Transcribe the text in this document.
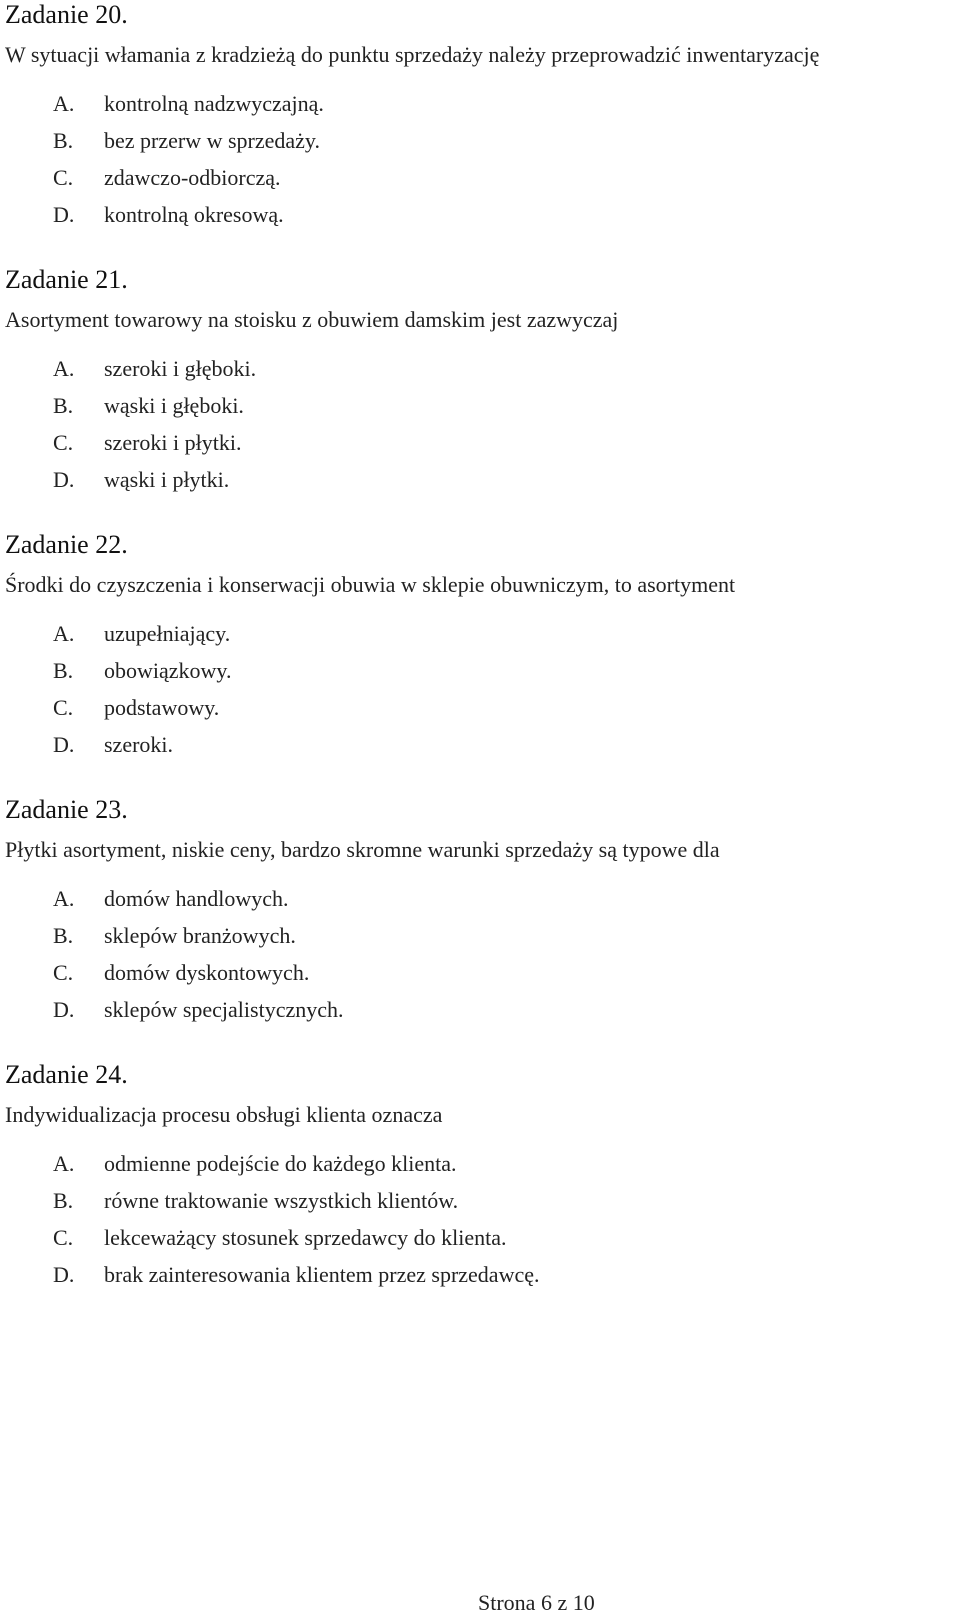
Zadanie 20.

W sytuacji włamania z kradzieżą do punktu sprzedaży należy przeprowadzić inwentaryzację

A. kontrolną nadzwyczajną.
B. bez przerw w sprzedaży.
C. zdawczo-odbiorczą.
D. kontrolną okresową.
Zadanie 21.

Asortyment towarowy na stoisku z obuwiem damskim jest zazwyczaj

A. szeroki i głęboki.
B. wąski i głęboki.
C. szeroki i płytki.
D. wąski i płytki.
Zadanie 22.

Środki do czyszczenia i konserwacji obuwia w sklepie obuwniczym, to asortyment

A. uzupełniający.
B. obowiązkowy.
C. podstawowy.
D. szeroki.
Zadanie 23.

Płytki asortyment, niskie ceny, bardzo skromne warunki sprzedaży są typowe dla

A. domów handlowych.
B. sklepów branżowych.
C. domów dyskontowych.
D. sklepów specjalistycznych.
Zadanie 24.

Indywidualizacja procesu obsługi klienta oznacza

A. odmienne podejście do każdego klienta.
B. równe traktowanie wszystkich klientów.
C. lekceważący stosunek sprzedawcy do klienta.
D. brak zainteresowania klientem przez sprzedawcę.
Strona 6 z 10
